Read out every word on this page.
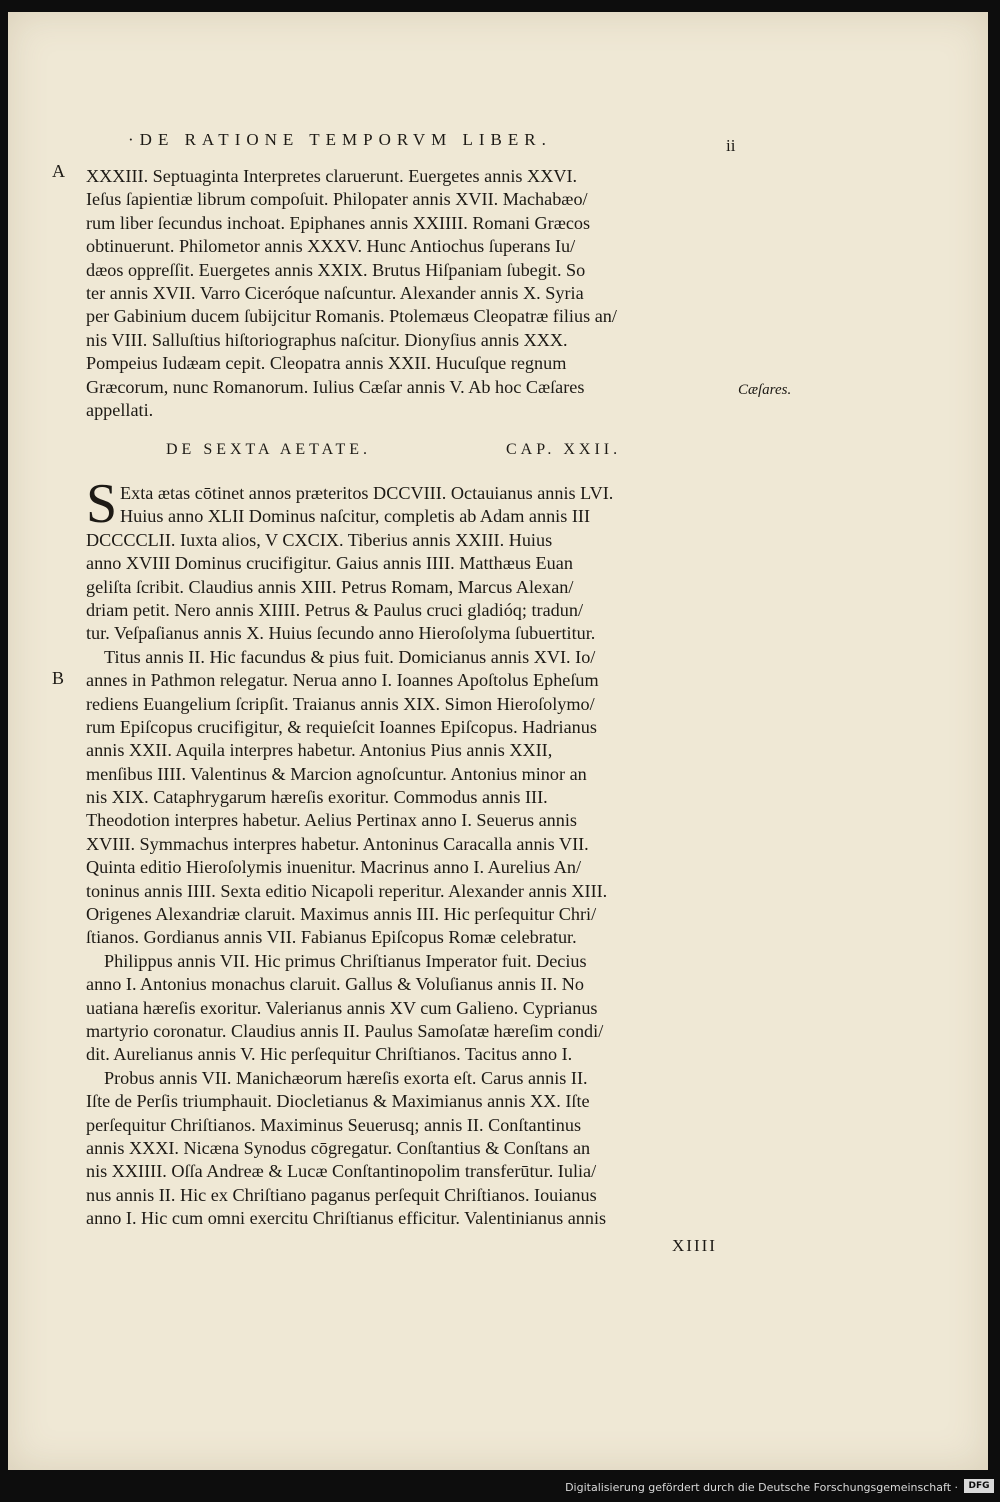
·DE RATIONE TEMPORVM LIBER.	ii
A
B
Cæſares.
XXXIII. Septuaginta Interpretes claruerunt. Euergetes annis XXVI.
Ieſus ſapientiæ librum compoſuit. Philopater annis XVII. Machabæo/
rum liber ſecundus inchoat. Epiphanes annis XXIIII. Romani Græcos
obtinuerunt. Philometor annis XXXV. Hunc Antiochus ſuperans Iu/
dæos oppreſſit. Euergetes annis XXIX. Brutus Hiſpaniam ſubegit. So
ter annis XVII. Varro Ciceróque naſcuntur. Alexander annis X. Syria
per Gabinium ducem ſubijcitur Romanis. Ptolemæus Cleopatræ filius an/
nis VIII. Salluſtius hiſtoriographus naſcitur. Dionyſius annis XXX.
Pompeius Iudæam cepit. Cleopatra annis XXII. Hucuſque regnum
Græcorum, nunc Romanorum. Iulius Cæſar annis V. Ab hoc Cæſares
appellati.
DE SEXTA AETATE.	CAP. XXII.
S Exta ætas cōtinet annos præteritos DCCVIII. Octauianus annis LVI.
Huius anno XLII Dominus naſcitur, completis ab Adam annis III
DCCCCLII. Iuxta alios, V CXCIX. Tiberius annis XXIII. Huius
anno XVIII Dominus crucifigitur. Gaius annis IIII. Matthæus Euan
geliſta ſcribit. Claudius annis XIII. Petrus Romam, Marcus Alexan/
driam petit. Nero annis XIIII. Petrus & Paulus cruci gladióq; tradun/
tur. Veſpaſianus annis X. Huius ſecundo anno Hieroſolyma ſubuertitur.
Titus annis II. Hic facundus & pius fuit. Domicianus annis XVI. Io/
annes in Pathmon relegatur. Nerua anno I. Ioannes Apoſtolus Epheſum
rediens Euangelium ſcripſit. Traianus annis XIX. Simon Hieroſolymo/
rum Epiſcopus crucifigitur, & requieſcit Ioannes Epiſcopus. Hadrianus
annis XXII. Aquila interpres habetur. Antonius Pius annis XXII,
menſibus IIII. Valentinus & Marcion agnoſcuntur. Antonius minor an
nis XIX. Cataphrygarum hæreſis exoritur. Commodus annis III.
Theodotion interpres habetur. Aelius Pertinax anno I. Seuerus annis
XVIII. Symmachus interpres habetur. Antoninus Caracalla annis VII.
Quinta editio Hieroſolymis inuenitur. Macrinus anno I. Aurelius An/
toninus annis IIII. Sexta editio Nicapoli reperitur. Alexander annis XIII.
Origenes Alexandriæ claruit. Maximus annis III. Hic perſequitur Chri/
ſtianos. Gordianus annis VII. Fabianus Epiſcopus Romæ celebratur.
Philippus annis VII. Hic primus Chriſtianus Imperator fuit. Decius
anno I. Antonius monachus claruit. Gallus & Voluſianus annis II. No
uatiana hæreſis exoritur. Valerianus annis XV cum Galieno. Cyprianus
martyrio coronatur. Claudius annis II. Paulus Samoſatæ hæreſim condi/
dit. Aurelianus annis V. Hic perſequitur Chriſtianos. Tacitus anno I.
Probus annis VII. Manichæorum hæreſis exorta eſt. Carus annis II.
Iſte de Perſis triumphauit. Diocletianus & Maximianus annis XX. Iſte
perſequitur Chriſtianos. Maximinus Seuerusq; annis II. Conſtantinus
annis XXXI. Nicæna Synodus cōgregatur. Conſtantius & Conſtans an
nis XXIIII. Oſſa Andreæ & Lucæ Conſtantinopolim transferūtur. Iulia/
nus annis II. Hic ex Chriſtiano paganus perſequit Chriſtianos. Iouianus
anno I. Hic cum omni exercitu Chriſtianus efficitur. Valentinianus annis
XIIII
Digitalisierung gefördert durch die Deutsche Forschungsgemeinschaft ·	DFG
